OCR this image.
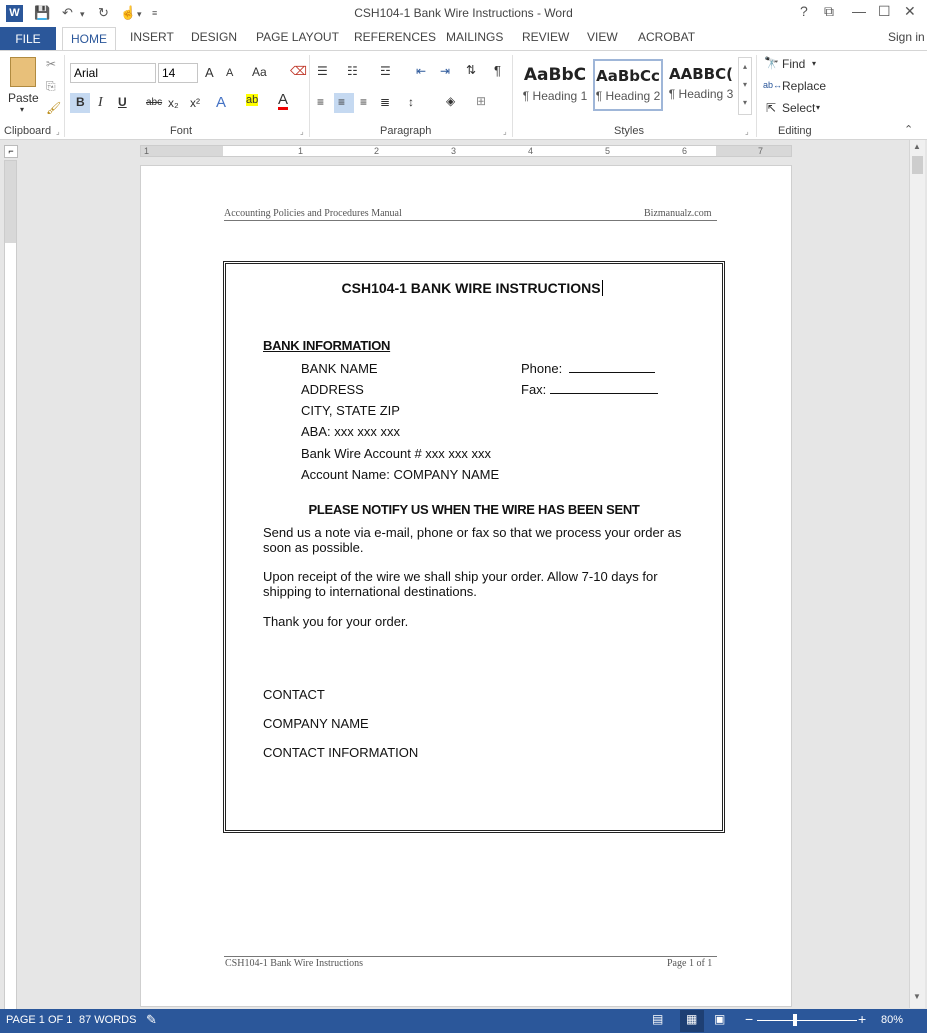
W 💾 ↶ ▾ ↻ ☝ ▾ ≡	CSH104-1 Bank Wire Instructions - Word	? ⧉ — ☐ ✕
FILE	HOME	INSERT DESIGN PAGE LAYOUT REFERENCES MAILINGS REVIEW VIEW ACROBAT	Sign in
Paste
▾
✂
⎘
🖌
Clipboard ⌟
Arial	14	A A Aa ⌫
B I U abc x₂ x² A ab A
Font	⌟
☰ ☷ ☲ ⇤ ⇥ ⇅ ¶
≡ ≡ ≡ ≣ ↕	◈ ⊞
Paragraph	⌟
AaBbC
¶ Heading 1
AaBbCc
¶ Heading 2
AABBC(
¶ Heading 3
▴
▾
▾
Styles	⌟
🔭 Find ▾
ab↔ Replace
⇱ Select ▾
Editing	⌃
⌐	1	1	2	3	4	5	6	7	▲
▼
Accounting Policies and Procedures Manual	Bizmanualz.com
CSH104-1 BANK WIRE INSTRUCTIONS
BANK INFORMATION
BANK NAME	Phone:
ADDRESS	Fax:
CITY, STATE ZIP
ABA: xxx xxx xxx
Bank Wire Account # xxx xxx xxx
Account Name: COMPANY NAME
PLEASE NOTIFY US WHEN THE WIRE HAS BEEN SENT
Send us a note via e-mail, phone or fax so that we process your order as
soon as possible.
Upon receipt of the wire we shall ship your order. Allow 7-10 days for
shipping to international destinations.
Thank you for your order.
CONTACT
COMPANY NAME
CONTACT INFORMATION
CSH104-1 Bank Wire Instructions	Page 1 of 1
PAGE 1 OF 1 87 WORDS ✎	▤ ▦ ▣ −	+ 80%
